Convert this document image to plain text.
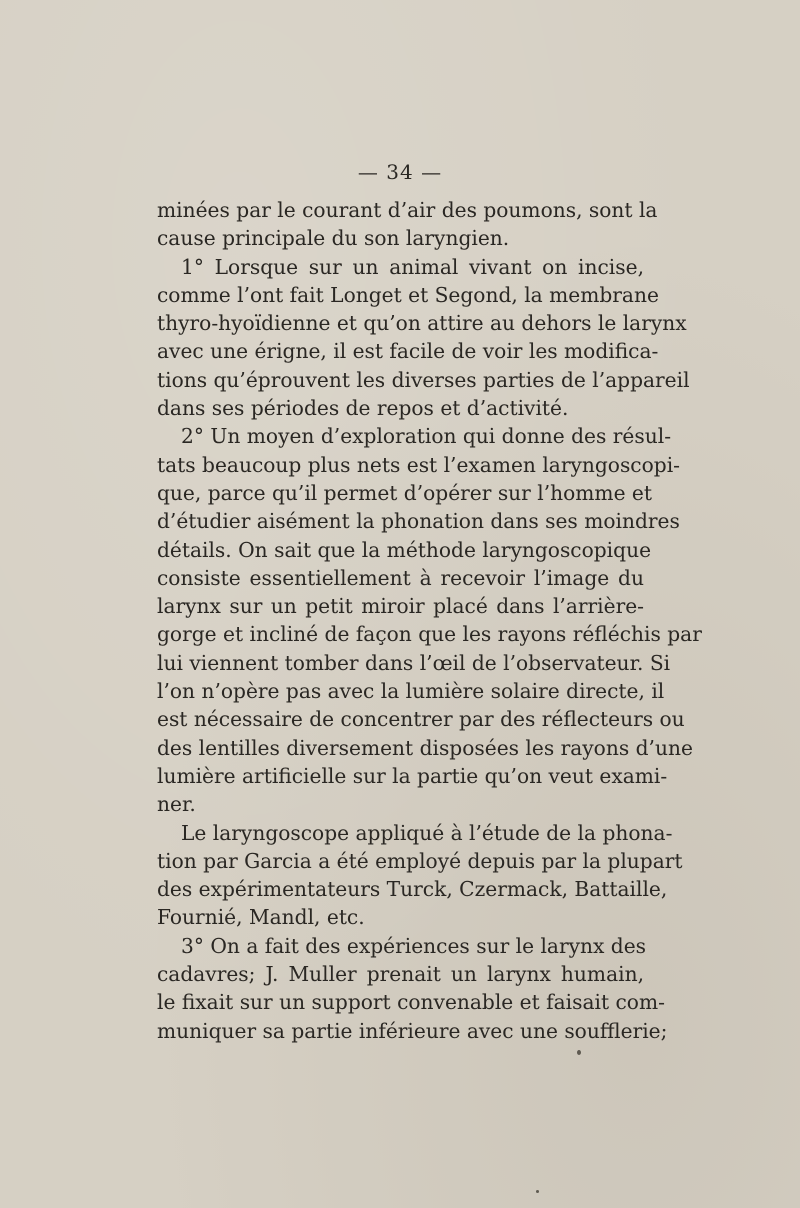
— 34 —
minées par le courant d’air des poumons, sont la
cause principale du son laryngien.
1° Lorsque sur un animal vivant on incise,
comme l’ont fait Longet et Segond, la membrane
thyro-hyoïdienne et qu’on attire au dehors le larynx
avec une érigne, il est facile de voir les modifica-
tions qu’éprouvent les diverses parties de l’appareil
dans ses périodes de repos et d’activité.
2° Un moyen d’exploration qui donne des résul-
tats beaucoup plus nets est l’examen laryngoscopi-
que, parce qu’il permet d’opérer sur l’homme et
d’étudier aisément la phonation dans ses moindres
détails. On sait que la méthode laryngoscopique
consiste essentiellement à recevoir l’image du
larynx sur un petit miroir placé dans l’arrière-
gorge et incliné de façon que les rayons réfléchis par
lui viennent tomber dans l’œil de l’observateur. Si
l’on n’opère pas avec la lumière solaire directe, il
est nécessaire de concentrer par des réflecteurs ou
des lentilles diversement disposées les rayons d’une
lumière artificielle sur la partie qu’on veut exami-
ner.
Le laryngoscope appliqué à l’étude de la phona-
tion par Garcia a été employé depuis par la plupart
des expérimentateurs Turck, Czermack, Battaille,
Fournié, Mandl, etc.
3° On a fait des expériences sur le larynx des
cadavres; J. Muller prenait un larynx humain,
le fixait sur un support convenable et faisait com-
muniquer sa partie inférieure avec une soufflerie;
